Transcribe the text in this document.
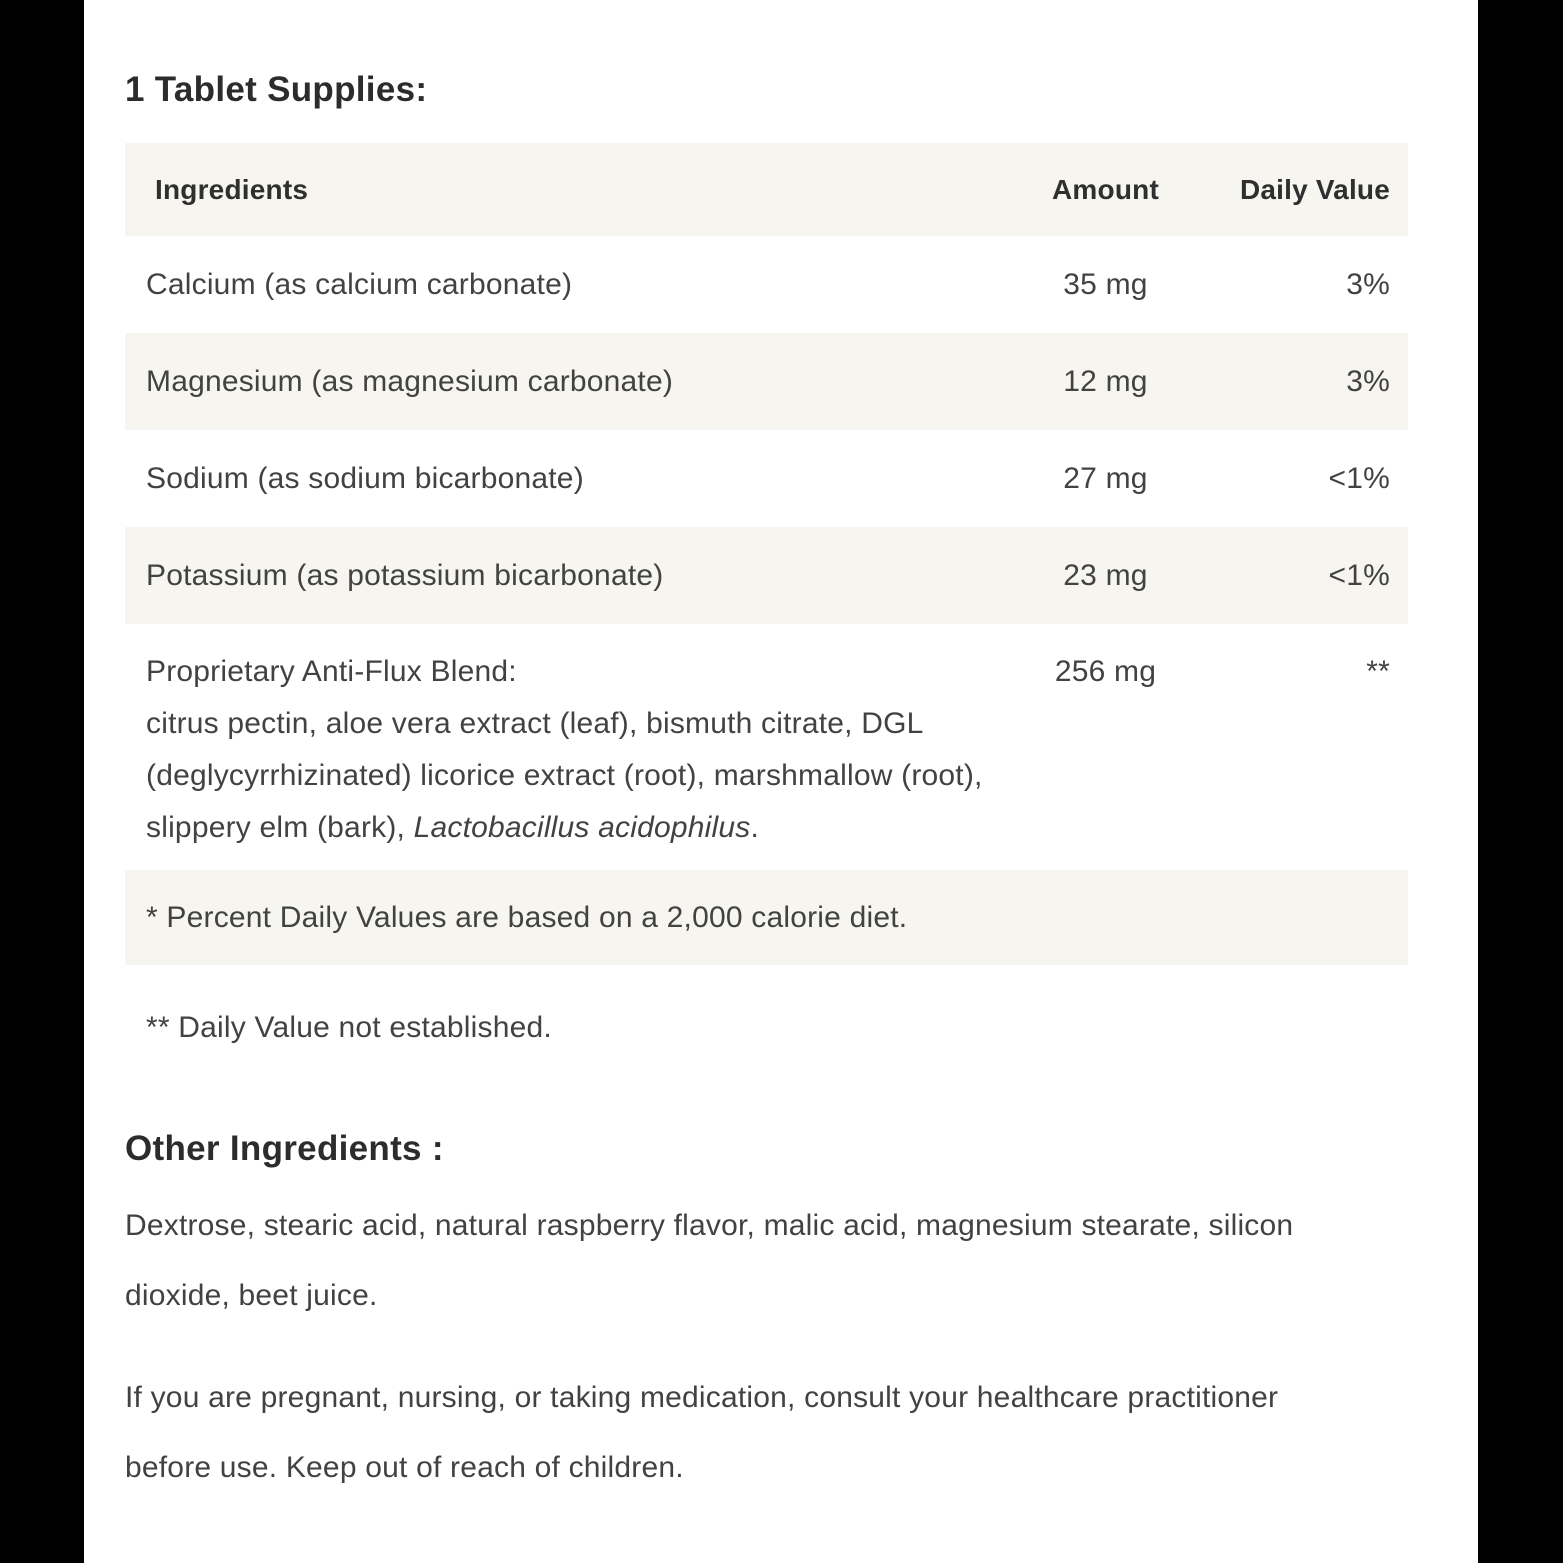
1 Tablet Supplies:
Ingredients	Amount	Daily Value
Calcium (as calcium carbonate)	35 mg	3%
Magnesium (as magnesium carbonate)	12 mg	3%
Sodium (as sodium bicarbonate)	27 mg	<1%
Potassium (as potassium bicarbonate)	23 mg	<1%
Proprietary Anti-Flux Blend:
citrus pectin, aloe vera extract (leaf), bismuth citrate, DGL (deglycyrrhizinated) licorice extract (root), marshmallow (root), slippery elm (bark), Lactobacillus acidophilus.
256 mg	**
* Percent Daily Values are based on a 2,000 calorie diet.

** Daily Value not established.

Other Ingredients :

Dextrose, stearic acid, natural raspberry flavor, malic acid, magnesium stearate, silicon dioxide, beet juice.

If you are pregnant, nursing, or taking medication, consult your healthcare practitioner before use. Keep out of reach of children.
